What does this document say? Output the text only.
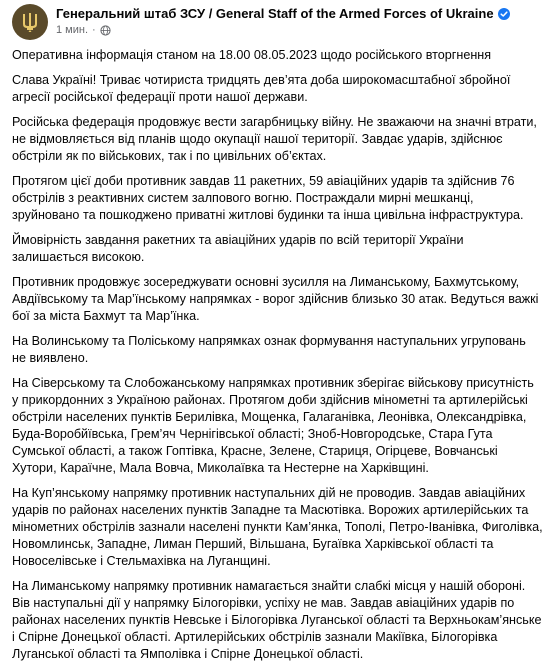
Генеральний штаб ЗСУ / General Staff of the Armed Forces of Ukraine
1 мин. ·

Оперативна інформація станом на 18.00 08.05.2023 щодо російського вторгнення

Слава Україні! Триває чотириста тридцять дев’ята доба широкомасштабної збройної агресії російської федерації проти нашої держави.

Російська федерація продовжує вести загарбницьку війну. Не зважаючи на значні втрати, не відмовляється від планів щодо окупації нашої території. Завдає ударів, здійснює обстріли як по військових, так і по цивільних об’єктах.

Протягом цієї доби противник завдав 11 ракетних, 59 авіаційних ударів та здійснив 76 обстрілів з реактивних систем залпового вогню. Постраждали мирні мешканці, зруйновано та пошкоджено приватні житлові будинки та інша цивільна інфраструктура.

Ймовірність завдання ракетних та авіаційних ударів по всій території України залишається високою.

Противник продовжує зосереджувати основні зусилля на Лиманському, Бахмутському, Авдіївському та Мар’їнському напрямках - ворог здійснив близько 30 атак. Ведуться важкі бої за міста Бахмут та Мар’їнка.

На Волинському та Поліському напрямках ознак формування наступальних угруповань не виявлено.

На Сіверському та Слобожанському напрямках противник зберігає військову присутність у прикордонних з Україною районах. Протягом доби здійснив мінометні та артилерійські обстріли населених пунктів Берилівка, Мощенка, Галаганівка, Леонівка, Олександрівка, Буда-Воробйївська, Грем’яч Чернігівської області; Зноб-Новгородське, Стара Гута Сумської області, а також Гоптівка, Красне, Зелене, Стариця, Огірцеве, Вовчанські Хутори, Караїчне, Мала Вовча, Миколаївка та Нестерне на Харківщині.

На Куп’янському напрямку противник наступальних дій не проводив. Завдав авіаційних ударів по районах населених пунктів Западне та Масютівка. Ворожих артилерійських та мінометних обстрілів зазнали населені пункти Кам’янка, Тополі, Петро-Іванівка, Фиголівка, Новомлинськ, Западне, Лиман Перший, Вільшана, Бугаївка Харківської області та Новоселівське і Стельмахівка на Луганщині.

На Лиманському напрямку противник намагається знайти слабкі місця у нашій обороні. Вів наступальні дії у напрямку Білогорівки, успіху не мав. Завдав авіаційних ударів по районах населених пунктів Невське і Білогорівка Луганської області та Верхньокам’янське і Спірне Донецької області. Артилерійських обстрілів зазнали Макіївка, Білогорівка Луганської області та Ямполівка і Спірне Донецької області.
